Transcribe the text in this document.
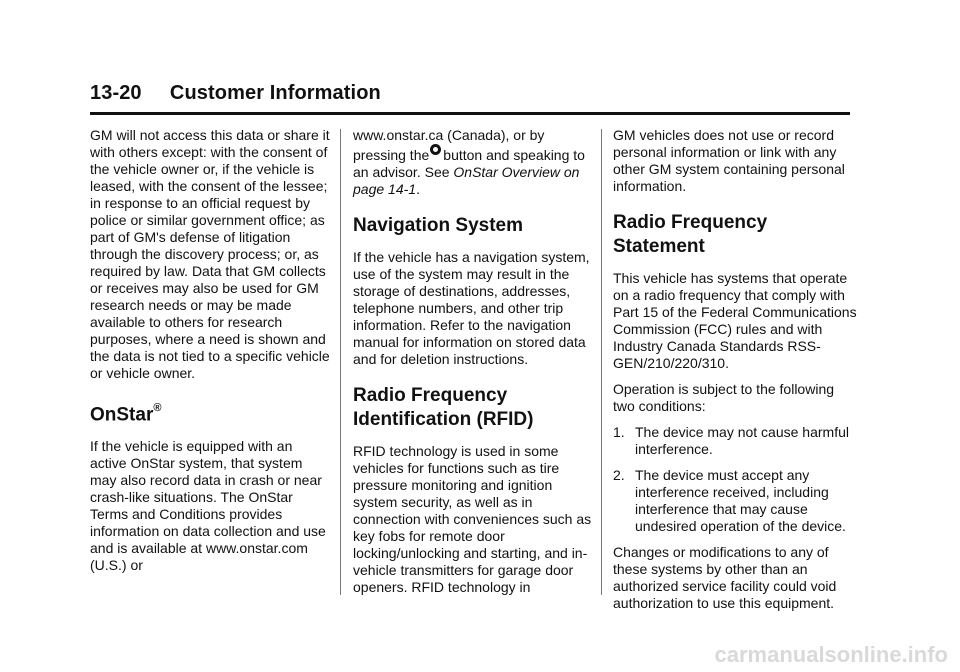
13-20     Customer Information

GM will not access this data or share it with others except: with the consent of the vehicle owner or, if the vehicle is leased, with the consent of the lessee; in response to an official request by police or similar government office; as part of GM's defense of litigation through the discovery process; or, as required by law. Data that GM collects or receives may also be used for GM research needs or may be made available to others for research purposes, where a need is shown and the data is not tied to a specific vehicle or vehicle owner.

OnStar®

If the vehicle is equipped with an active OnStar system, that system may also record data in crash or near crash-like situations. The OnStar Terms and Conditions provides information on data collection and use and is available at www.onstar.com (U.S.) or

www.onstar.ca (Canada), or by pressing the button and speaking to an advisor. See OnStar Overview on page 14-1.

Navigation System

If the vehicle has a navigation system, use of the system may result in the storage of destinations, addresses, telephone numbers, and other trip information. Refer to the navigation manual for information on stored data and for deletion instructions.

Radio Frequency Identification (RFID)

RFID technology is used in some vehicles for functions such as tire pressure monitoring and ignition system security, as well as in connection with conveniences such as key fobs for remote door locking/unlocking and starting, and in-vehicle transmitters for garage door openers. RFID technology in

GM vehicles does not use or record personal information or link with any other GM system containing personal information.

Radio Frequency Statement

This vehicle has systems that operate on a radio frequency that comply with Part 15 of the Federal Communications Commission (FCC) rules and with Industry Canada Standards RSS-GEN/210/220/310.

Operation is subject to the following two conditions:

1. The device may not cause harmful interference.
2. The device must accept any interference received, including interference that may cause undesired operation of the device.

Changes or modifications to any of these systems by other than an authorized service facility could void authorization to use this equipment.

carmanualsonline.info
